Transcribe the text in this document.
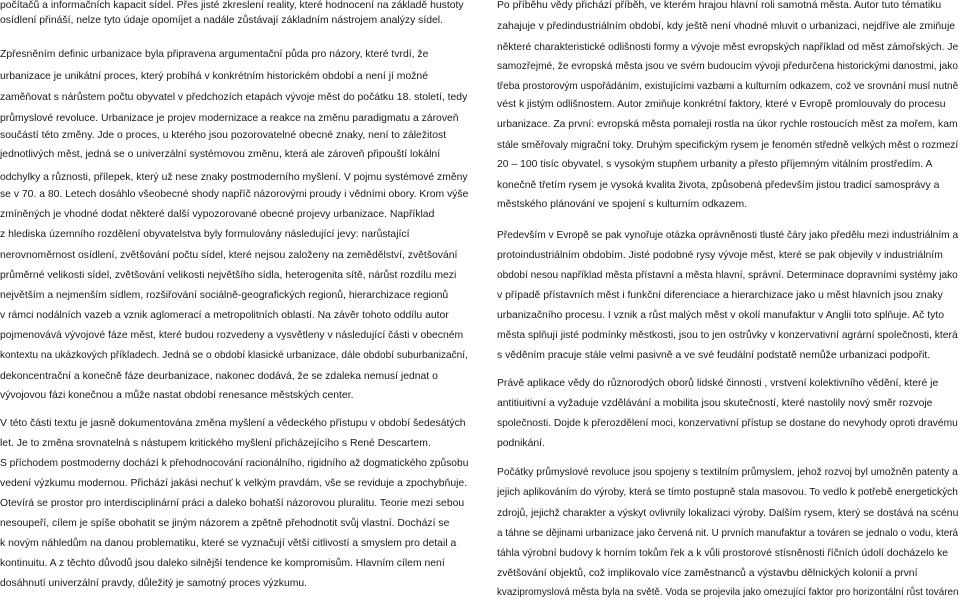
počítačů a informačních kapacit sídel. Přes jisté zkreslení reality, které hodnocení na základě hustoty
osídlení přináší, nelze tyto údaje opomíjet a nadále zůstávají základním nástrojem analýzy sídel.
Zpřesněním definic urbanizace byla připravena argumentační půda pro názory, které tvrdí, že
urbanizace je unikátní proces, který probíhá v konkrétním historickém období a není jí možné
zaměňovat s nárůstem počtu obyvatel v předchozích etapách vývoje měst do počátku 18. století, tedy
průmyslové revoluce. Urbanizace je projev modernizace a reakce na změnu paradigmatu a zároveň
součástí této změny. Jde o proces, u kterého jsou pozorovatelné obecné znaky, není to záležitost
jednotlivých měst, jedná se o univerzální systémovou změnu, která ale zároveň připouští lokální
odchylky a různosti, přílepek, který už nese znaky postmoderního myšlení. V pojmu systémové změny
se v 70. a 80. Letech dosáhlo všeobecné shody napříč názorovými proudy i vědními obory. Krom výše
zmíněných je vhodné dodat některé další vypozorované obecné projevy urbanizace. Například
z hlediska územního rozdělení obyvatelstva byly formulovány následující jevy: narůstající
nerovnoměrnost osídlení, zvětšování počtu sídel, které nejsou založeny na zemědělství, zvětšování
průměrné velikosti sídel, zvětšování velikosti největšího sídla, heterogenita sítě, nárůst rozdílu mezi
největším a nejmenším sídlem, rozšiřování sociálně-geografických regionů, hierarchizace regionů
v rámci nodálních vazeb a vznik aglomerací a metropolitních oblastí. Na závěr tohoto oddílu autor
pojmenovává vývojové fáze měst, které budou rozvedeny a vysvětleny v následující části v obecném
kontextu na ukázkových příkladech. Jedná se o období klasické urbanizace, dále období suburbanizační,
dekoncentrační a konečně fáze deurbanizace, nakonec dodává, že se zdaleka nemusí jednat o
vývojovou fázi konečnou a může nastat období renesance městských center.
V této části textu je jasně dokumentována změna myšlení a vědeckého přístupu v období šedesátých
let. Je to změna srovnatelná s nástupem kritického myšlení přicházejícího s René Descartem.
S příchodem postmoderny dochází k přehodnocování racionálního, rigidního až dogmatického způsobu
vedení výzkumu modernou. Přichází jakási nechuť k velkým pravdám, vše se reviduje a zpochybňuje.
Otevírá se prostor pro interdisciplinární práci a daleko bohatší názorovou pluralitu. Teorie mezi sebou
nesoupeří, cílem je spíše obohatit se jiným názorem a zpětně přehodnotit svůj vlastní. Dochází se
k novým náhledům na danou problematiku, které se vyznačují větší citlivostí a smyslem pro detail a
kontinuitu. A z těchto důvodů jsou daleko silnější tendence ke kompromisům. Hlavním cílem není
dosáhnutí univerzální pravdy, důležitý je samotný proces výzkumu.
Po příběhu vědy přichází příběh, ve kterém hrajou hlavní roli samotná města. Autor tuto tématiku
zahajuje v předindustriálním období, kdy ještě není vhodné mluvit o urbanizaci, nejdříve ale zmiňuje
některé charakteristické odlišnosti formy a vývoje měst evropských například od měst zámořských. Je
samozřejmé, že evropská města jsou ve svém budoucím vývoji předurčena historickými danostmi, jako
třeba prostorovým uspořádáním, existujícími vazbami a kulturním odkazem, což ve srovnání musí nutně
vést k jistým odlišnostem. Autor zmiňuje konkrétní faktory, které v Evropě promlouvaly do procesu
urbanizace. Za první: evropská města pomaleji rostla na úkor rychle rostoucích měst za mořem, kam
stále směřovaly migrační toky. Druhým specifickým rysem je fenomén středně velkých měst o rozmezí
20 – 100 tisíc obyvatel, s vysokým stupňem urbanity a přesto příjemným vitálním prostředím. A
konečně třetím rysem je vysoká kvalita života, způsobená především jistou tradicí samosprávy a
městského plánování ve spojení s kulturním odkazem.
Především v Evropě se pak vynořuje otázka oprávněnosti tlusté čáry jako předělu mezi industriálním a
protoindustriálním obdobím. Jisté podobné rysy vývoje měst, které se pak objevily v industriálním
období nesou například města přístavní a města hlavní, správní. Determinace dopravními systémy jako
v případě přístavních měst i funkční diferenciace a hierarchizace jako u měst hlavních jsou znaky
urbanizačního procesu. I vznik a růst malých měst v okolí manufaktur v Anglii toto splňuje. Ač tyto
města splňují jisté podmínky městkosti, jsou to jen ostrůvky v konzervativní agrární společnosti, která
s věděním pracuje stále velmi pasivně a ve své feudální podstatě nemůže urbanizaci podpořit.
Právě aplikace vědy do různorodých oborů lidské činnosti , vrstvení kolektivního vědění, které je
antitiuitivní a vyžaduje vzdělávání a mobilita jsou skutečností, které nastolily nový směr rozvoje
společnosti. Dojde k přerozdělení moci, konzervativní přístup se dostane do nevyhody oproti dravému
podnikání.
Počátky průmyslové revoluce jsou spojeny s textilním průmyslem, jehož rozvoj byl umožněn patenty a
jejich aplikováním do výroby, která se tímto postupně stala masovou. To vedlo k potřebě energetických
zdrojů, jejichž charakter a výskyt ovlivnily lokalizaci výroby. Dalším rysem, který se dostává na scénu
a táhne se dějinami urbanizace jako červená nit. U prvních manufaktur a továren se jednalo o vodu, která
táhla výrobní budovy k horním tokům řek a k vůli prostorové stísněnosti říčních údolí docházelo ke
zvětšování objektů, což implikovalo více zaměstnanců a výstavbu dělnických kolonií a první
kvazipromyslová města byla na světě. Voda se projevila jako omezující faktor pro horizontální růst továren
